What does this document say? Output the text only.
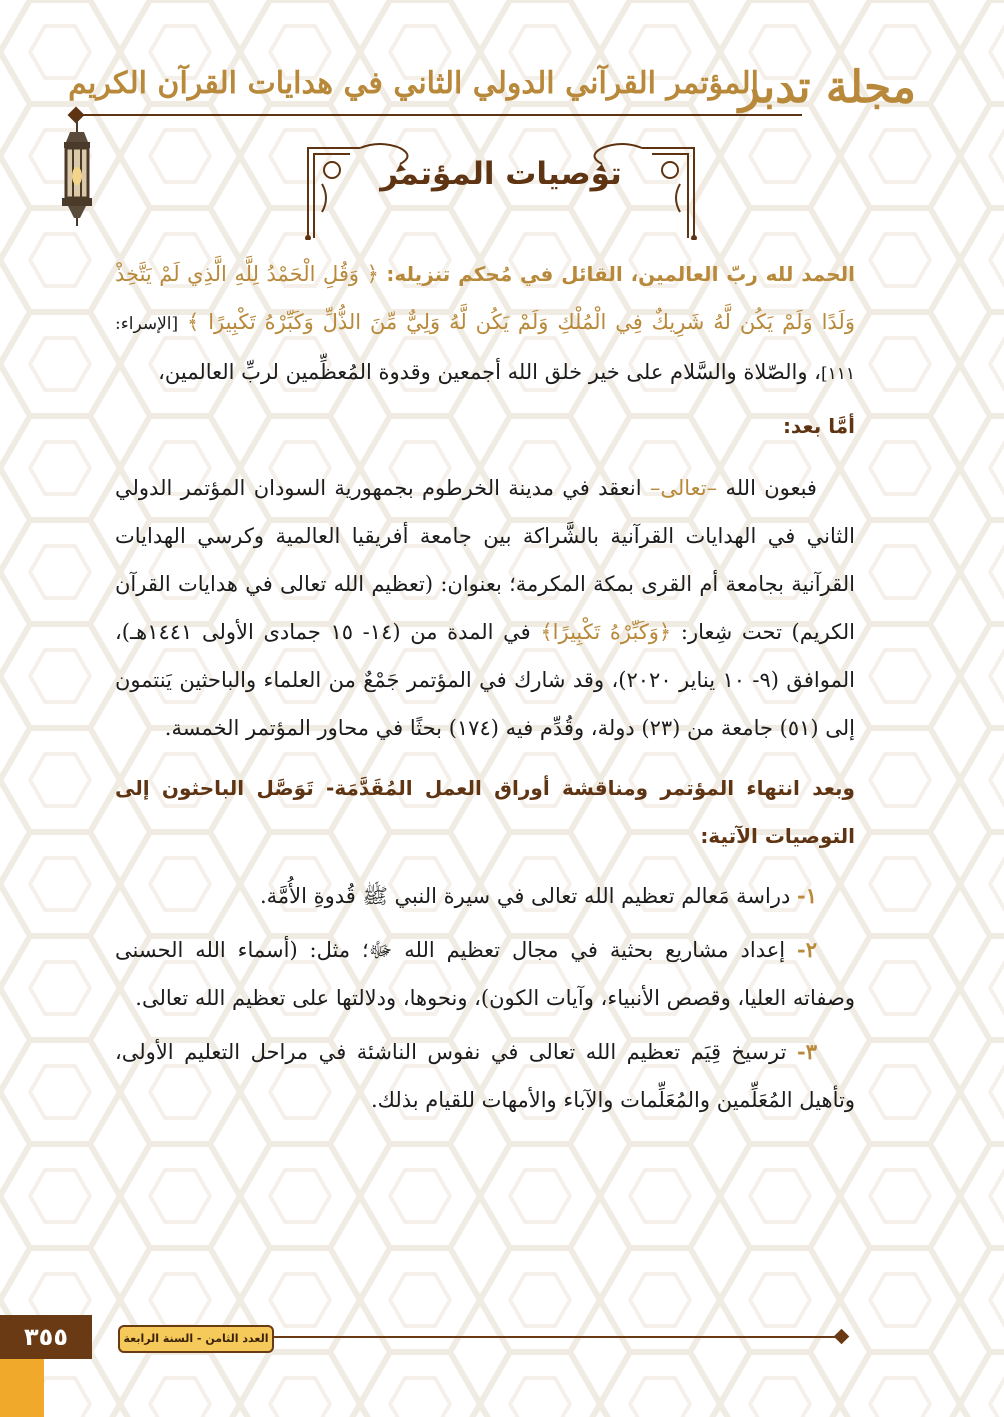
مجلة تدبر
المؤتمر القرآني الدولي الثاني في هدايات القرآن الكريم
توصيات المؤتمر

الحمد لله ربّ العالمين، القائل في مُحكم تنزيله: ﴿ وَقُلِ الْحَمْدُ لِلَّهِ الَّذِي لَمْ يَتَّخِذْ وَلَدًا وَلَمْ يَكُن لَّهُ شَرِيكٌ فِي الْمُلْكِ وَلَمْ يَكُن لَّهُ وَلِيٌّ مِّنَ الذُّلِّ وَكَبِّرْهُ تَكْبِيرًا ﴾ [الإسراء: ١١١]، والصّلاة والسَّلام على خير خلق الله أجمعين وقدوة المُعظِّمين لربِّ العالمين،

أمَّا بعد:

فبعون الله –تعالى– انعقد في مدينة الخرطوم بجمهورية السودان المؤتمر الدولي الثاني في الهدايات القرآنية بالشَّراكة بين جامعة أفريقيا العالمية وكرسي الهدايات القرآنية بجامعة أم القرى بمكة المكرمة؛ بعنوان: (تعظيم الله تعالى في هدايات القرآن الكريم) تحت شِعار: ﴿وَكَبِّرْهُ تَكْبِيرًا﴾ في المدة من (١٤- ١٥ جمادى الأولى ١٤٤١هـ)، الموافق (٩- ١٠ يناير ٢٠٢٠)، وقد شارك في المؤتمر جَمْعٌ من العلماء والباحثين يَنتمون إلى (٥١) جامعة من (٢٣) دولة، وقُدِّم فيه (١٧٤) بحثًا في محاور المؤتمر الخمسة.

وبعد انتهاء المؤتمر ومناقشة أوراق العمل المُقَدَّمَة- تَوَصَّل الباحثون إلى التوصيات الآتية:

١- دراسة مَعالم تعظيم الله تعالى في سيرة النبي ﷺ قُدوةِ الأُمَّة.

٢- إعداد مشاريع بحثية في مجال تعظيم الله ﷻ؛ مثل: (أسماء الله الحسنى وصفاته العليا، وقصص الأنبياء، وآيات الكون)، ونحوها، ودلالتها على تعظيم الله تعالى.

٣- ترسيخ قِيَم تعظيم الله تعالى في نفوس الناشئة في مراحل التعليم الأولى، وتأهيل المُعَلِّمين والمُعَلِّمات والآباء والأمهات للقيام بذلك.

٣٥٥	العدد الثامن - السنة الرابعة
